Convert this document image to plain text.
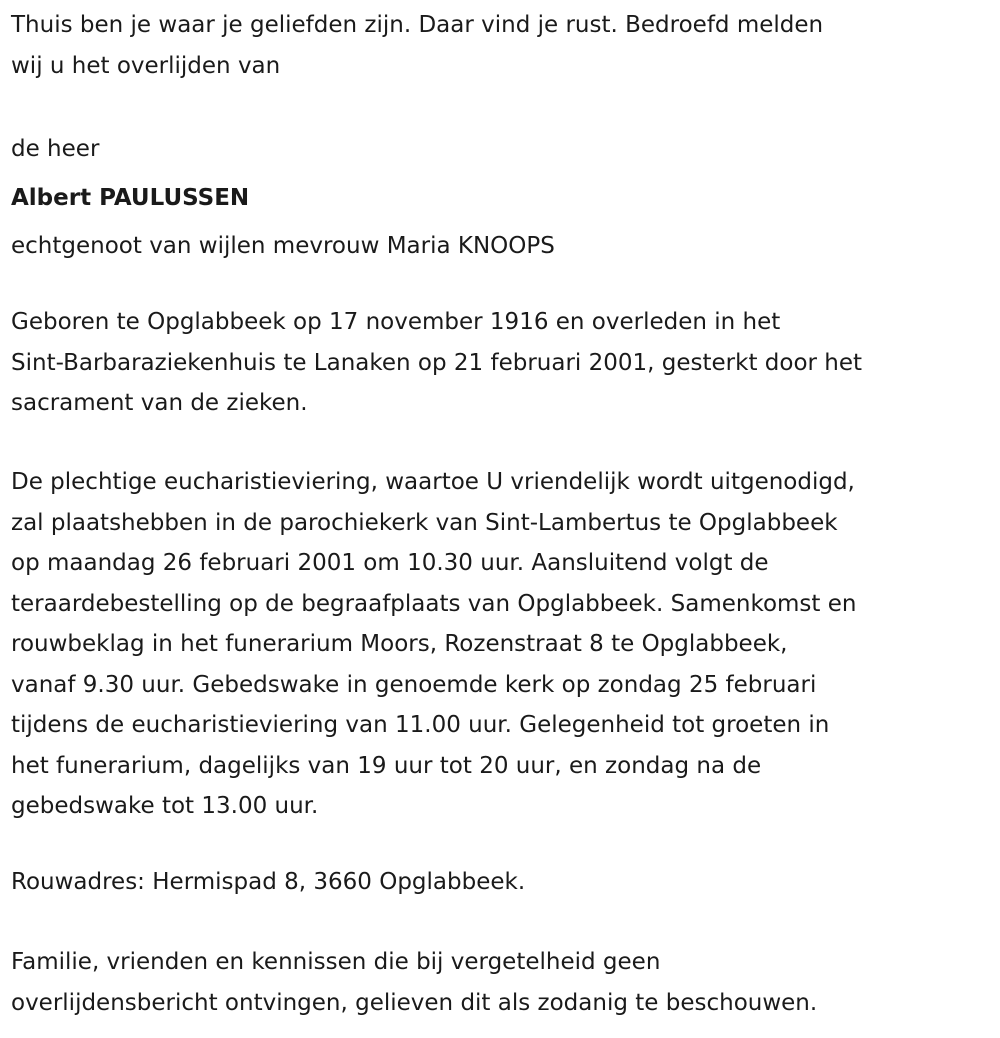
Thuis ben je waar je geliefden zijn. Daar vind je rust. Bedroefd melden
wij u het overlijden van
de heer
Albert PAULUSSEN
echtgenoot van wijlen mevrouw Maria KNOOPS
Geboren te Opglabbeek op 17 november 1916 en overleden in het
Sint-Barbaraziekenhuis te Lanaken op 21 februari 2001, gesterkt door het
sacrament van de zieken.
De plechtige eucharistieviering, waartoe U vriendelijk wordt uitgenodigd,
zal plaatshebben in de parochiekerk van Sint-Lambertus te Opglabbeek
op maandag 26 februari 2001 om 10.30 uur. Aansluitend volgt de
teraardebestelling op de begraafplaats van Opglabbeek. Samenkomst en
rouwbeklag in het funerarium Moors, Rozenstraat 8 te Opglabbeek,
vanaf 9.30 uur. Gebedswake in genoemde kerk op zondag 25 februari
tijdens de eucharistieviering van 11.00 uur. Gelegenheid tot groeten in
het funerarium, dagelijks van 19 uur tot 20 uur, en zondag na de
gebedswake tot 13.00 uur.
Rouwadres: Hermispad 8, 3660 Opglabbeek.
Familie, vrienden en kennissen die bij vergetelheid geen
overlijdensbericht ontvingen, gelieven dit als zodanig te beschouwen.
